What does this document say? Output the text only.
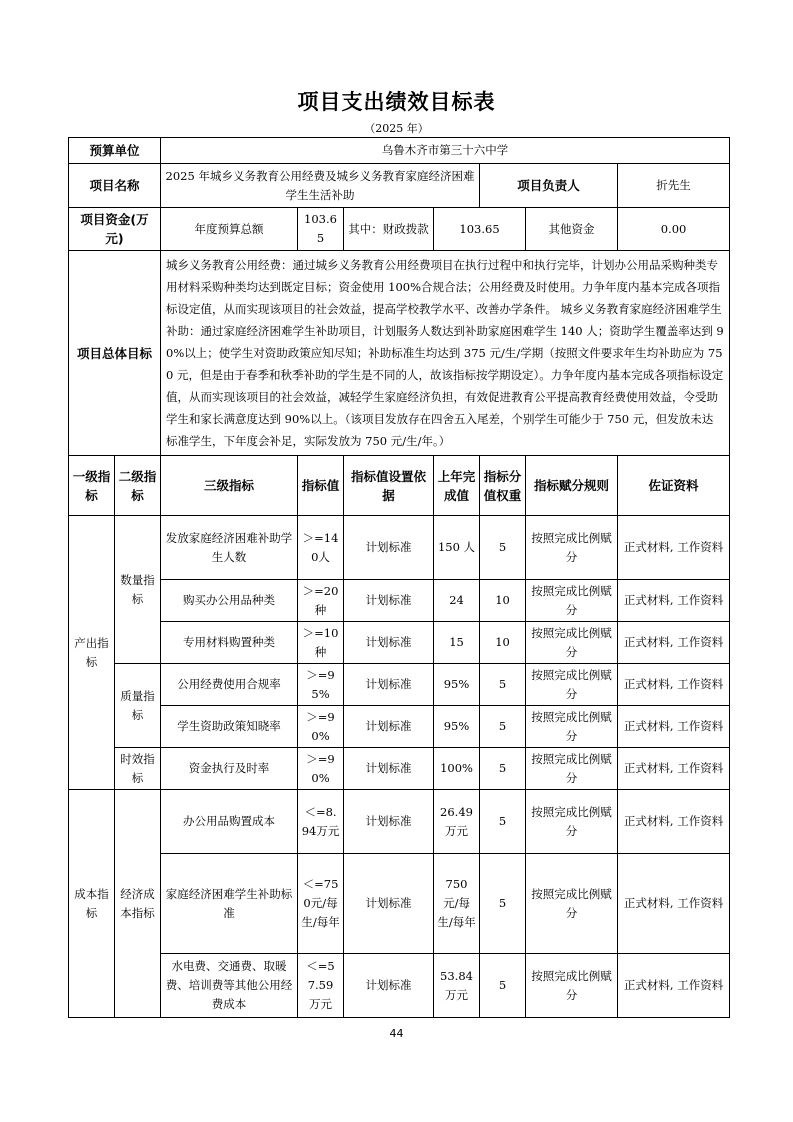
项目支出绩效目标表
（2025 年）
预算单位		乌鲁木齐市第三十六中学						
项目名称		2025 年城乡义务教育公用经费及城乡义务教育家庭经济困难学生生活补助				项目负责人		折先生
项目资金(万元)		年度预算总额	103.65	其中：财政拨款	103.65		其他资金	0.00
项目总体目标		城乡义务教育公用经费：通过城乡义务教育公用经费项目在执行过程中和执行完毕，计划办公用品采购种类专用材料采购种类均达到既定目标；资金使用 100%合规合法；公用经费及时使用。力争年度内基本完成各项指标设定值，从而实现该项目的社会效益，提高学校教学水平、改善办学条件。 城乡义务教育家庭经济困难学生补助：通过家庭经济困难学生补助项目，计划服务人数达到补助家庭困难学生 140 人；资助学生覆盖率达到 90%以上；使学生对资助政策应知尽知；补助标准生均达到 375 元/生/学期（按照文件要求年生均补助应为 750 元，但是由于春季和秋季补助的学生是不同的人，故该指标按学期设定）。力争年度内基本完成各项指标设定值，从而实现该项目的社会效益，减轻学生家庭经济负担，有效促进教育公平提高教育经费使用效益，令受助学生和家长满意度达到 90%以上。（该项目发放存在四舍五入尾差，个别学生可能少于 750 元，但发放未达标准学生，下年度会补足，实际发放为 750 元/生/年。）						
一级指标	二级指标	三级指标	指标值	指标值设置依据	上年完成值	指标分值权重	指标赋分规则	佐证资料
产出指标	数量指标	发放家庭经济困难补助学生人数	＞=140人	计划标准	150 人	5	按照完成比例赋分	正式材料, 工作资料
		购买办公用品种类	＞=20种	计划标准	24	10	按照完成比例赋分	正式材料, 工作资料
		专用材料购置种类	＞=10种	计划标准	15	10	按照完成比例赋分	正式材料, 工作资料
	质量指标	公用经费使用合规率	＞=95%	计划标准	95%	5	按照完成比例赋分	正式材料, 工作资料
		学生资助政策知晓率	＞=90%	计划标准	95%	5	按照完成比例赋分	正式材料, 工作资料
	时效指标	资金执行及时率	＞=90%	计划标准	100%	5	按照完成比例赋分	正式材料, 工作资料
成本指标	经济成本指标	办公用品购置成本	＜=8.94万元	计划标准	26.49万元	5	按照完成比例赋分	正式材料, 工作资料
		家庭经济困难学生补助标准	＜=750元/每生/每年	计划标准	750 元/每生/每年	5	按照完成比例赋分	正式材料, 工作资料
		水电费、交通费、取暖费、培训费等其他公用经费成本	＜=57.59 万元	计划标准	53.84万元	5	按照完成比例赋分	正式材料, 工作资料
44
